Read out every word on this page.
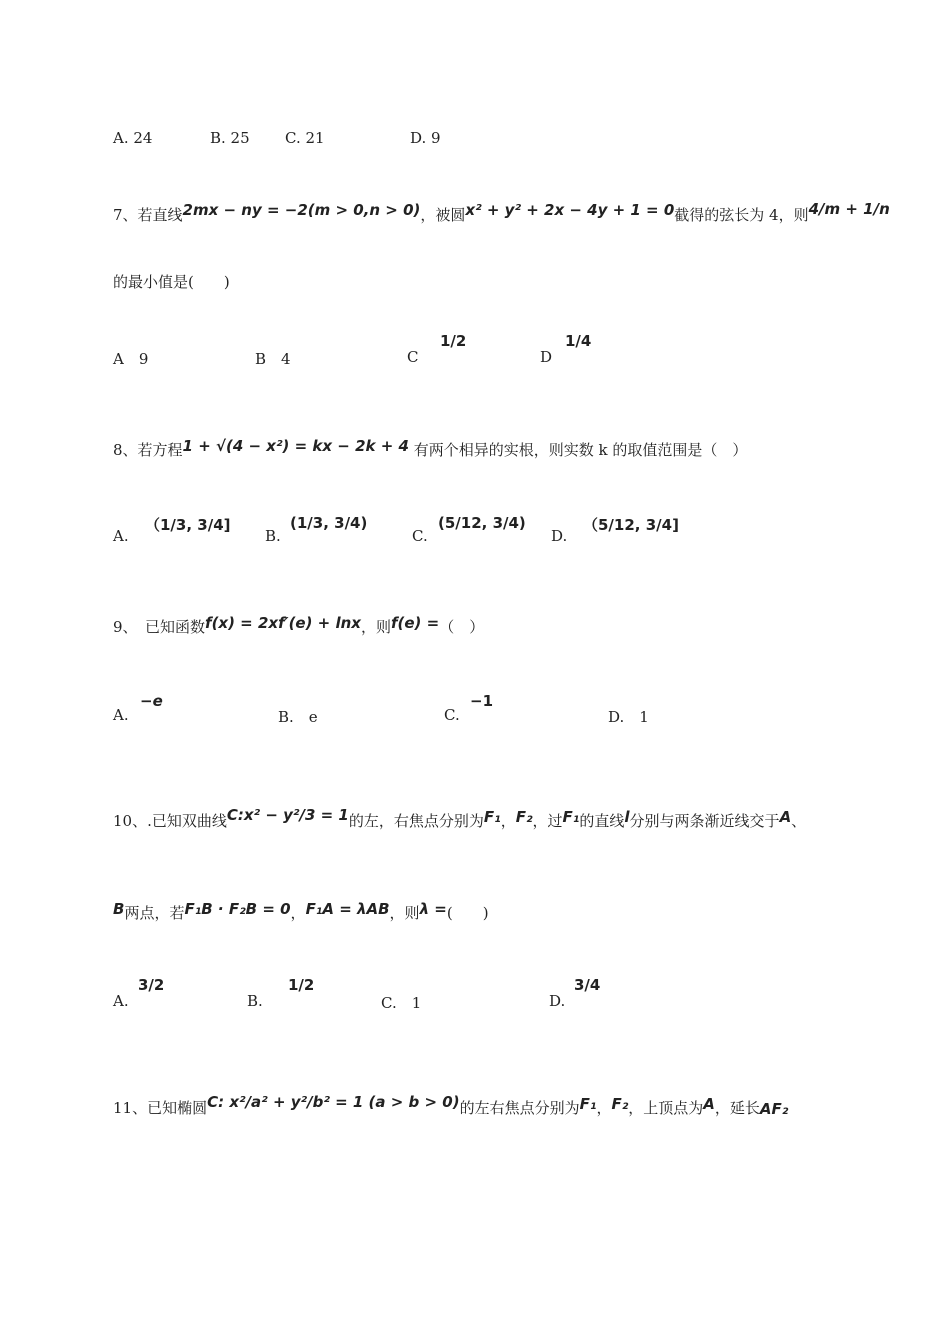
A. 24	B. 25 C. 21	D. 9
7、若直线2mx − ny = −2(m > 0,n > 0)，被圆x² + y² + 2x − 4y + 1 = 0截得的弦长为 4，则4/m + 1/n
的最小值是(　　)
A　9	B　4	C
1/2
D
1/4
8、若方程1 + √(4 − x²) = kx − 2k + 4 有两个相异的实根，则实数 k 的取值范围是（　）
A.
（1/3, 3/4]
B.
(1/3, 3/4)
C.
(5/12, 3/4)
D.
（5/12, 3/4]
9、　已知函数f(x) = 2xf′(e) + lnx，则f(e) =（　）
A.
−e
B.　e	C.
−1
D.　1
10、.已知双曲线C:x² − y²/3 = 1的左，右焦点分别为F₁，F₂，过F₁的直线l分别与两条渐近线交于A、
B两点，若F₁B · F₂B = 0，F₁A = λAB，则λ =(　　)
A.
3/2
B.
1/2
C.　1	D.
3/4
11、已知椭圆C: x²/a² + y²/b² = 1 (a > b > 0)的左右焦点分别为F₁，F₂，上顶点为A，延长AF₂
